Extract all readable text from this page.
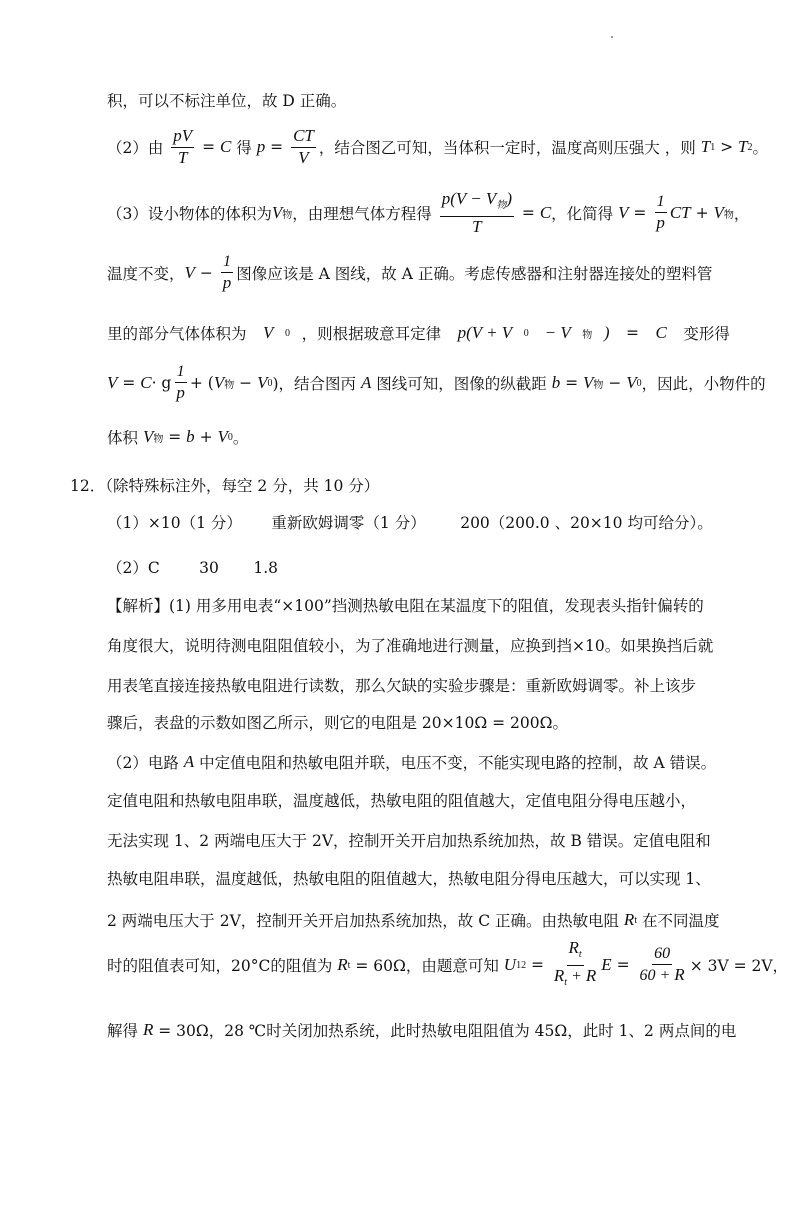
积，可以不标注单位，故 D 正确。
（2）由 $\frac{pV}{T} = C$ 得 $p = \frac{CT}{V}$ ，结合图乙可知，当体积一定时，温度高则压强大 ，则 T 1 > T 2 。
（3）设小物体的体积为 V 物 ，由理想气体方程得 $\frac{p(V - V_物)}{T} = C$ ，化简得 $V = \frac{1}{p}$ CT + V 物 ，
温度不变， $V - \frac{1}{p}$ 图像应该是 A 图线，故 A 正确。考虑传感器和注射器连接处的塑料管
里的部分气体体积为 V 0 ，则根据玻意耳定律 p(V + V 0 − V 物 ) = C 变形得
V = C · g $\frac{1}{p}$ + ( V 物 − V 0 )，结合图丙 A 图线可知，图像的纵截距 b = V 物 − V 0 ，因此，小物件的
体积 V 物 = b + V 0 。
12．（除特殊标注外，每空 2 分，共 10 分）
（1）×10（1 分）      重新欧姆调零（1 分）       200（200.0 、20×10 均可给分）。
（2）C        30       1.8
【解析】(1) 用多用电表“×100”挡测热敏电阻在某温度下的阻值，发现表头指针偏转的
角度很大，说明待测电阻阻值较小，为了准确地进行测量，应换到挡×10。如果换挡后就
用表笔直接连接热敏电阻进行读数，那么欠缺的实验步骤是：重新欧姆调零。补上该步
骤后，表盘的示数如图乙所示，则它的电阻是 20×10Ω = 200Ω。
（2）电路 A 中定值电阻和热敏电阻并联，电压不变，不能实现电路的控制，故 A 错误。
定值电阻和热敏电阻串联，温度越低，热敏电阻的阻值越大，定值电阻分得电压越小，
无法实现 1、2 两端电压大于 2V，控制开关开启加热系统加热，故 B 错误。定值电阻和
热敏电阻串联，温度越低，热敏电阻的阻值越大，热敏电阻分得电压越大，可以实现 1、
2 两端电压大于 2V，控制开关开启加热系统加热，故 C 正确。由热敏电阻 R t 在不同温度
时的阻值表可知，20°C的阻值为 R t = 60Ω，由题意可知 U $12 = \frac{R_t}{R_t + R}$ $E = \frac{60}{60 + R} \times 3V = 2V$，
解得 R = 30Ω，28 ℃时关闭加热系统，此时热敏电阻阻值为 45Ω，此时 1、2 两点间的电
